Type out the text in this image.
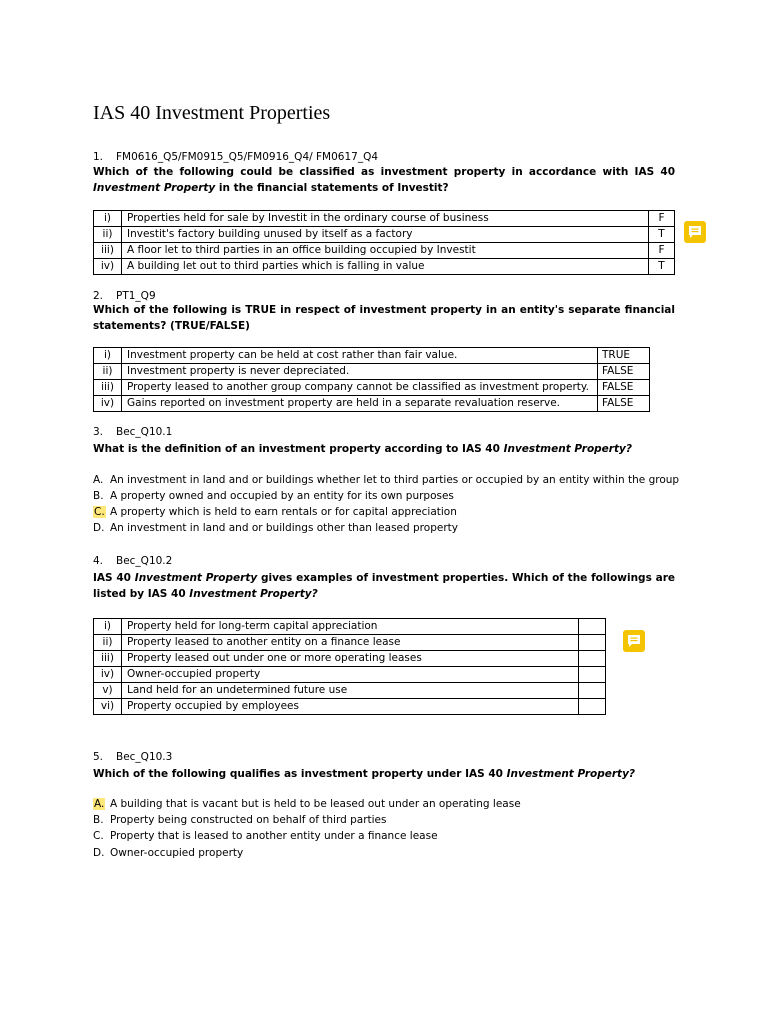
IAS 40 Investment Properties
1. FM0616_Q5/FM0915_Q5/FM0916_Q4/ FM0617_Q4
Which of the following could be classified as investment property in accordance with IAS 40 Investment Property in the financial statements of Investit?
i)	Properties held for sale by Investit in the ordinary course of business	F
ii)	Investit's factory building unused by itself as a factory	T
iii)	A floor let to third parties in an office building occupied by Investit	F
iv)	A building let out to third parties which is falling in value	T
2. PT1_Q9
Which of the following is TRUE in respect of investment property in an entity's separate financial statements? (TRUE/FALSE)
i)	Investment property can be held at cost rather than fair value.	TRUE
ii)	Investment property is never depreciated.	FALSE
iii)	Property leased to another group company cannot be classified as investment property.	FALSE
iv)	Gains reported on investment property are held in a separate revaluation reserve.	FALSE
3. Bec_Q10.1
What is the definition of an investment property according to IAS 40 Investment Property?
A. An investment in land and or buildings whether let to third parties or occupied by an entity within the group
B. A property owned and occupied by an entity for its own purposes
C. A property which is held to earn rentals or for capital appreciation
D. An investment in land and or buildings other than leased property
4. Bec_Q10.2
IAS 40 Investment Property gives examples of investment properties. Which of the followings are listed by IAS 40 Investment Property?
i)	Property held for long-term capital appreciation	
ii)	Property leased to another entity on a finance lease	
iii)	Property leased out under one or more operating leases	
iv)	Owner-occupied property	
v)	Land held for an undetermined future use	
vi)	Property occupied by employees	
5. Bec_Q10.3
Which of the following qualifies as investment property under IAS 40 Investment Property?
A. A building that is vacant but is held to be leased out under an operating lease
B. Property being constructed on behalf of third parties
C. Property that is leased to another entity under a finance lease
D. Owner-occupied property
